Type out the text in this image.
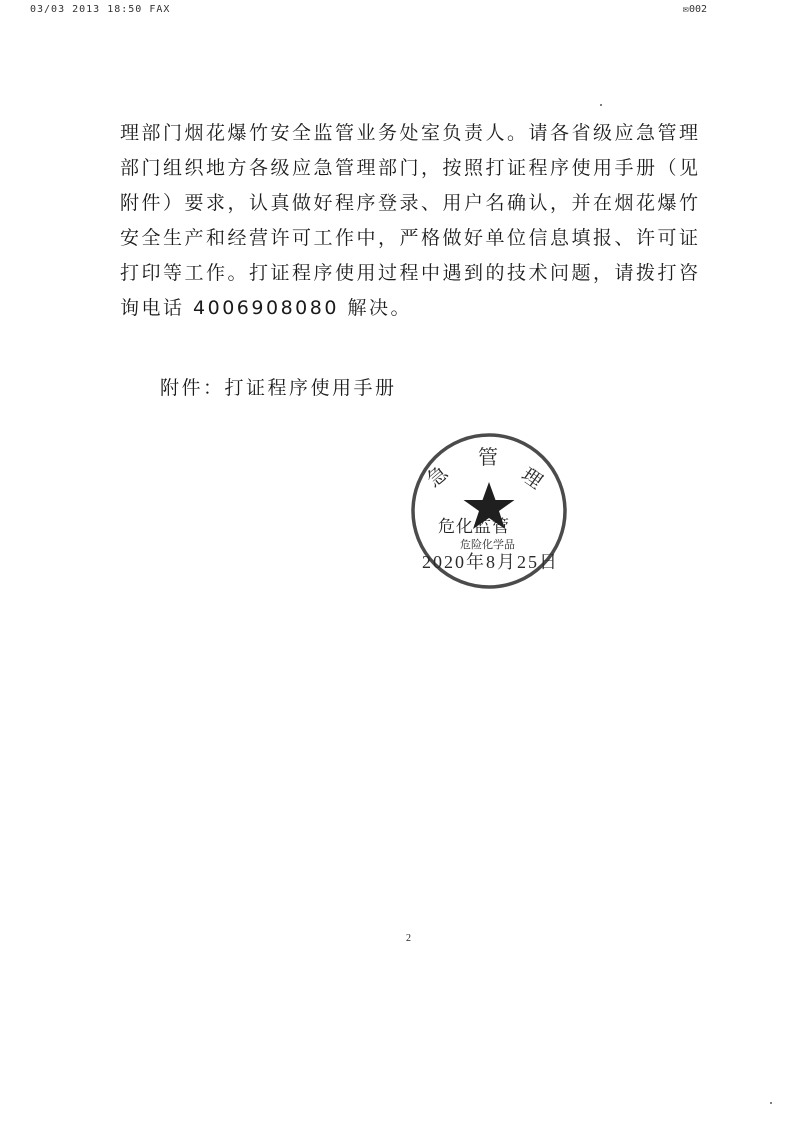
03/03 2013 18:50 FAX	✉002
理部门烟花爆竹安全监管业务处室负责人。请各省级应急管理
部门组织地方各级应急管理部门，按照打证程序使用手册（见
附件）要求，认真做好程序登录、用户名确认，并在烟花爆竹
安全生产和经营许可工作中，严格做好单位信息填报、许可证
打印等工作。打证程序使用过程中遇到的技术问题，请拨打咨
询电话 4006908080 解决。
附件：打证程序使用手册
急
管
理
危险化学品
危化监管
2020年8月25日
2
